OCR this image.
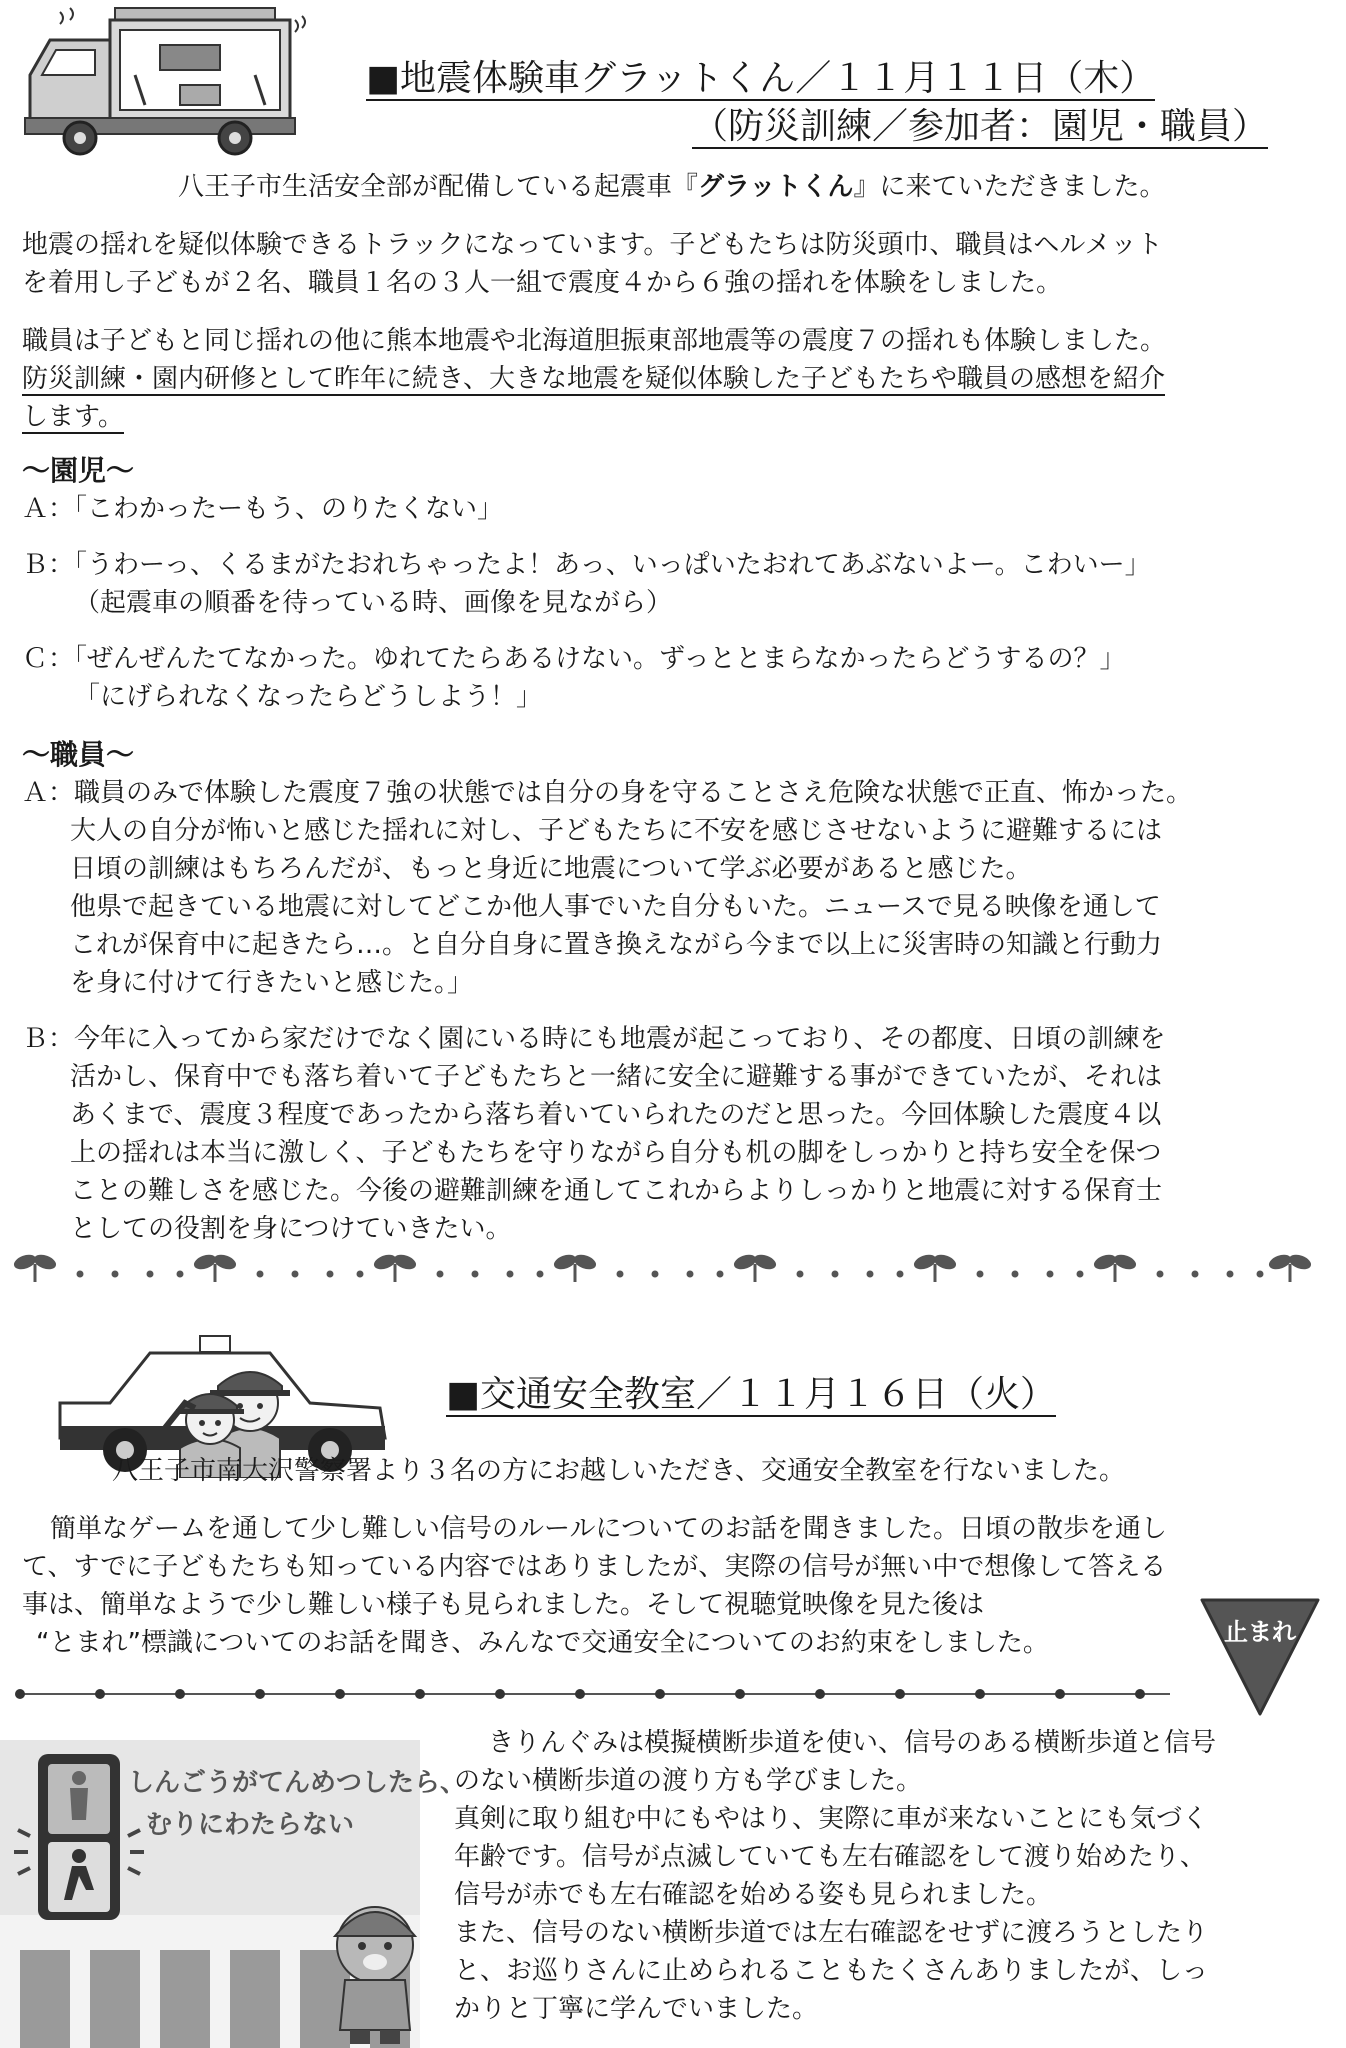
■地震体験車グラットくん／１１月１１日（木）
（防災訓練／参加者：園児・職員）
八王子市生活安全部が配備している起震車『グラットくん』に来ていただきました。
地震の揺れを疑似体験できるトラックになっています。子どもたちは防災頭巾、職員はヘルメット
を着用し子どもが２名、職員１名の３人一組で震度４から６強の揺れを体験をしました。
職員は子どもと同じ揺れの他に熊本地震や北海道胆振東部地震等の震度７の揺れも体験しました。
防災訓練・園内研修として昨年に続き、大きな地震を疑似体験した子どもたちや職員の感想を紹介
します。
～園児～
Ａ：「こわかったーもう、のりたくない」
Ｂ：「うわーっ、くるまがたおれちゃったよ！あっ、いっぱいたおれてあぶないよー。こわいー」
（起震車の順番を待っている時、画像を見ながら）
Ｃ：「ぜんぜんたてなかった。ゆれてたらあるけない。ずっととまらなかったらどうするの？」
「にげられなくなったらどうしよう！」
～職員～
Ａ：職員のみで体験した震度７強の状態では自分の身を守ることさえ危険な状態で正直、怖かった。
大人の自分が怖いと感じた揺れに対し、子どもたちに不安を感じさせないように避難するには
日頃の訓練はもちろんだが、もっと身近に地震について学ぶ必要があると感じた。
他県で起きている地震に対してどこか他人事でいた自分もいた。ニュースで見る映像を通して
これが保育中に起きたら…。と自分自身に置き換えながら今まで以上に災害時の知識と行動力
を身に付けて行きたいと感じた。」
Ｂ：今年に入ってから家だけでなく園にいる時にも地震が起こっており、その都度、日頃の訓練を
活かし、保育中でも落ち着いて子どもたちと一緒に安全に避難する事ができていたが、それは
あくまで、震度３程度であったから落ち着いていられたのだと思った。今回体験した震度４以
上の揺れは本当に激しく、子どもたちを守りながら自分も机の脚をしっかりと持ち安全を保つ
ことの難しさを感じた。今後の避難訓練を通してこれからよりしっかりと地震に対する保育士
としての役割を身につけていきたい。
■交通安全教室／１１月１６日（火）
八王子市南大沢警察署より３名の方にお越しいただき、交通安全教室を行ないました。
簡単なゲームを通して少し難しい信号のルールについてのお話を聞きました。日頃の散歩を通し
て、すでに子どもたちも知っている内容ではありましたが、実際の信号が無い中で想像して答える
事は、簡単なようで少し難しい様子も見られました。そして視聴覚映像を見た後は
“とまれ”標識についてのお話を聞き、みんなで交通安全についてのお約束をしました。	止まれ
しんごうがてんめつしたら、
むりにわたらない
きりんぐみは模擬横断歩道を使い、信号のある横断歩道と信号
のない横断歩道の渡り方も学びました。
真剣に取り組む中にもやはり、実際に車が来ないことにも気づく
年齢です。信号が点滅していても左右確認をして渡り始めたり、
信号が赤でも左右確認を始める姿も見られました。
また、信号のない横断歩道では左右確認をせずに渡ろうとしたり
と、お巡りさんに止められることもたくさんありましたが、しっ
かりと丁寧に学んでいました。
